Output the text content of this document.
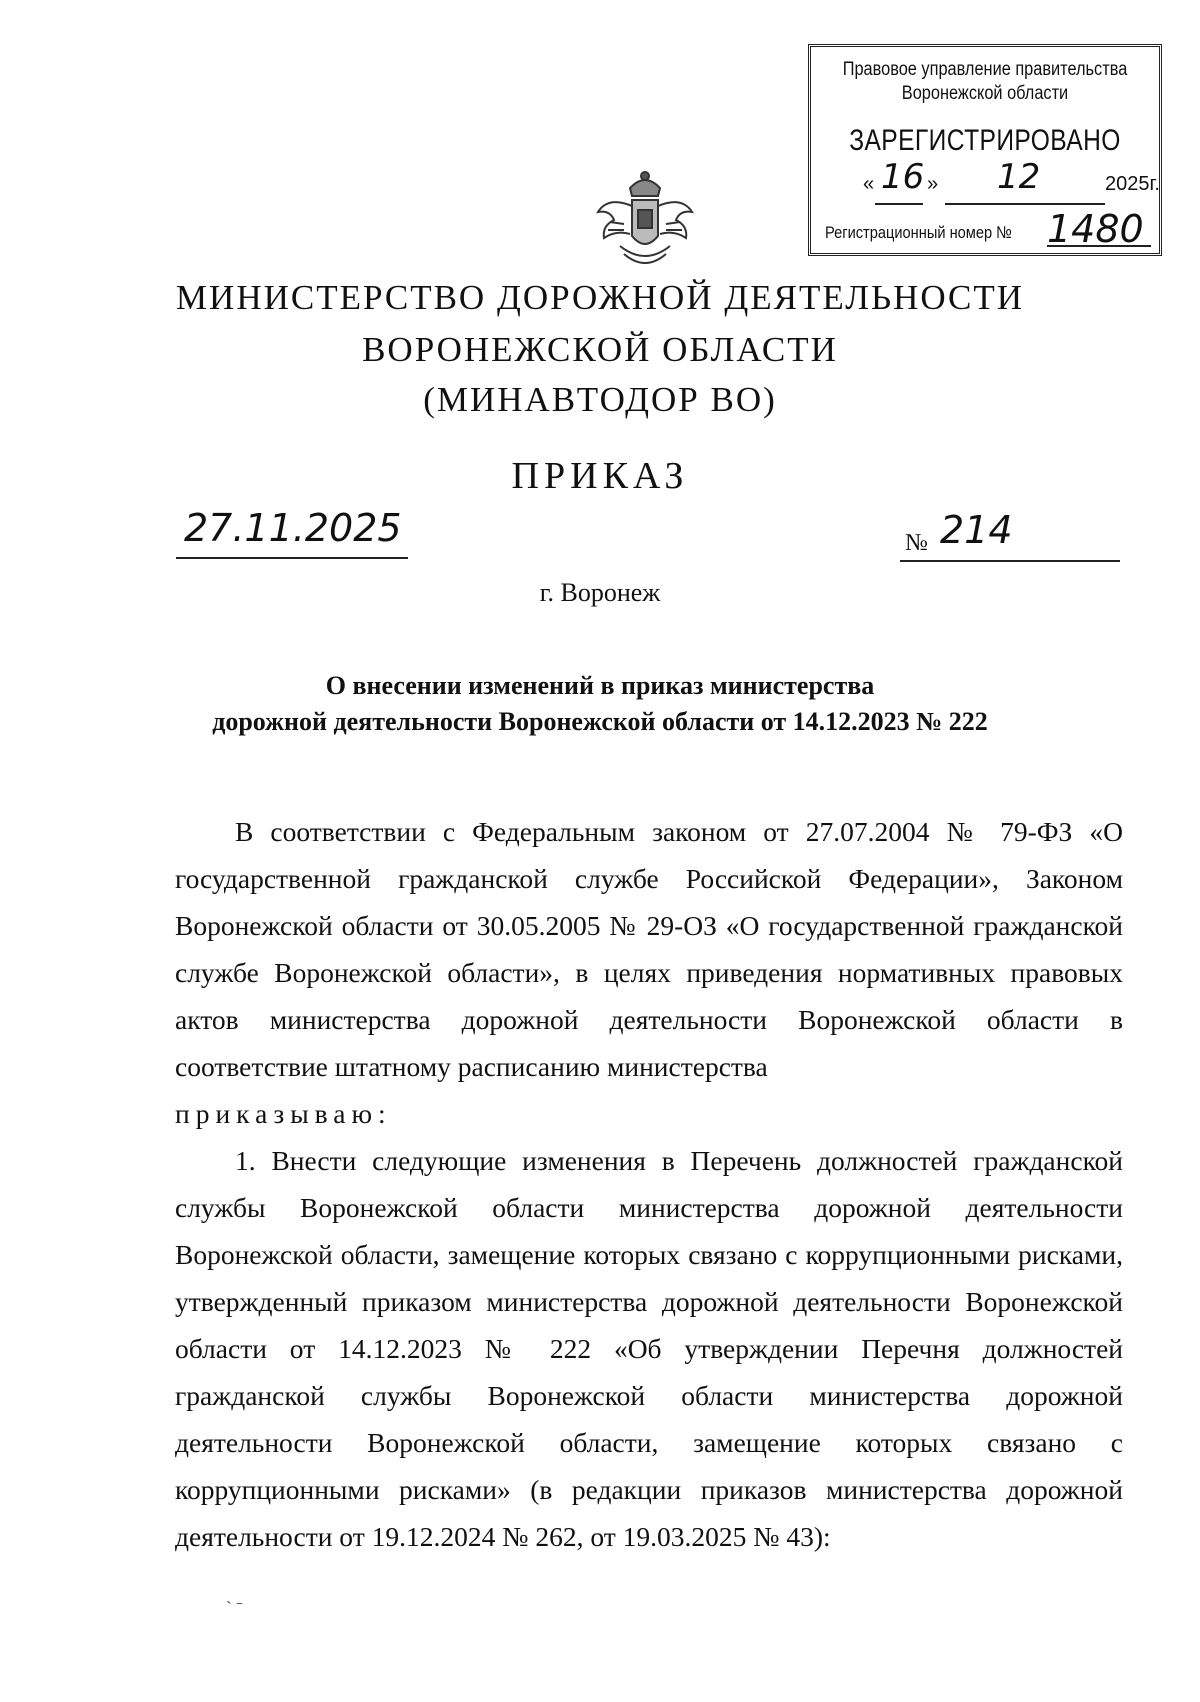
Правовое управление правительства
Воронежской области
ЗАРЕГИСТРИРОВАНО
« 16 » 12	2025г.
Регистрационный номер № 1480
МИНИСТЕРСТВО ДОРОЖНОЙ ДЕЯТЕЛЬНОСТИ
ВОРОНЕЖСКОЙ ОБЛАСТИ
(МИНАВТОДОР ВО)
ПРИКАЗ
27.11.2025	№ 214
г. Воронеж
О внесении изменений в приказ министерства
дорожной деятельности Воронежской области от 14.12.2023 № 222

В соответствии с Федеральным законом от 27.07.2004 № 79-ФЗ «О государственной гражданской службе Российской Федерации», Законом Воронежской области от 30.05.2005 № 29-ОЗ «О государственной гражданской службе Воронежской области», в целях приведения нормативных правовых актов министерства дорожной деятельности Воронежской области в соответствие штатному расписанию министерства

приказываю:

1. Внести следующие изменения в Перечень должностей гражданской службы Воронежской области министерства дорожной деятельности Воронежской области, замещение которых связано с коррупционными рисками, утвержденный приказом министерства дорожной деятельности Воронежской области от 14.12.2023 № 222 «Об утверждении Перечня должностей гражданской службы Воронежской области министерства дорожной деятельности Воронежской области, замещение которых связано с коррупционными рисками» (в редакции приказов министерства дорожной деятельности от 19.12.2024 № 262, от 19.03.2025 № 43):

ˋ ˉ
